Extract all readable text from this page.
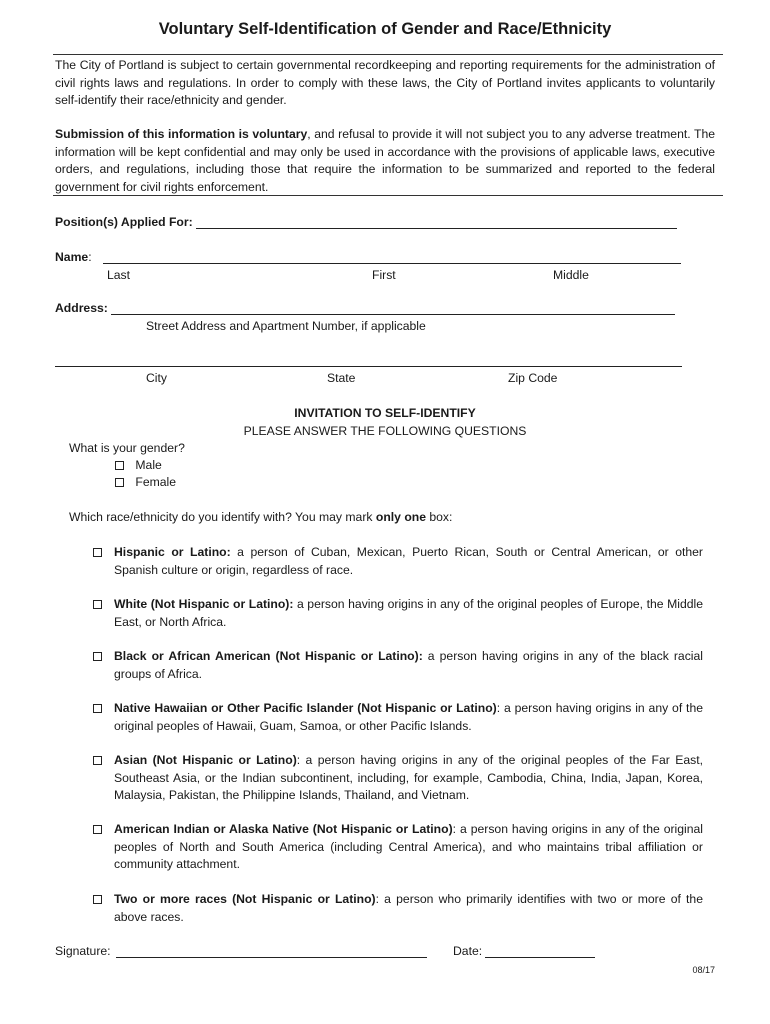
Voluntary Self-Identification of Gender and Race/Ethnicity
The City of Portland is subject to certain governmental recordkeeping and reporting requirements for the administration of civil rights laws and regulations. In order to comply with these laws, the City of Portland invites applicants to voluntarily self-identify their race/ethnicity and gender.
Submission of this information is voluntary, and refusal to provide it will not subject you to any adverse treatment. The information will be kept confidential and may only be used in accordance with the provisions of applicable laws, executive orders, and regulations, including those that require the information to be summarized and reported to the federal government for civil rights enforcement.
Position(s) Applied For:
Name:
Last	First	Middle
Address:
Street Address and Apartment Number, if applicable
City	State	Zip Code
INVITATION TO SELF-IDENTIFY
PLEASE ANSWER THE FOLLOWING QUESTIONS
What is your gender?
Male
Female
Which race/ethnicity do you identify with? You may mark only one box:
Hispanic or Latino: a person of Cuban, Mexican, Puerto Rican, South or Central American, or other Spanish culture or origin, regardless of race.
White (Not Hispanic or Latino): a person having origins in any of the original peoples of Europe, the Middle East, or North Africa.
Black or African American (Not Hispanic or Latino): a person having origins in any of the black racial groups of Africa.
Native Hawaiian or Other Pacific Islander (Not Hispanic or Latino): a person having origins in any of the original peoples of Hawaii, Guam, Samoa, or other Pacific Islands.
Asian (Not Hispanic or Latino): a person having origins in any of the original peoples of the Far East, Southeast Asia, or the Indian subcontinent, including, for example, Cambodia, China, India, Japan, Korea, Malaysia, Pakistan, the Philippine Islands, Thailand, and Vietnam.
American Indian or Alaska Native (Not Hispanic or Latino): a person having origins in any of the original peoples of North and South America (including Central America), and who maintains tribal affiliation or community attachment.
Two or more races (Not Hispanic or Latino): a person who primarily identifies with two or more of the above races.
Signature:	Date:
08/17
